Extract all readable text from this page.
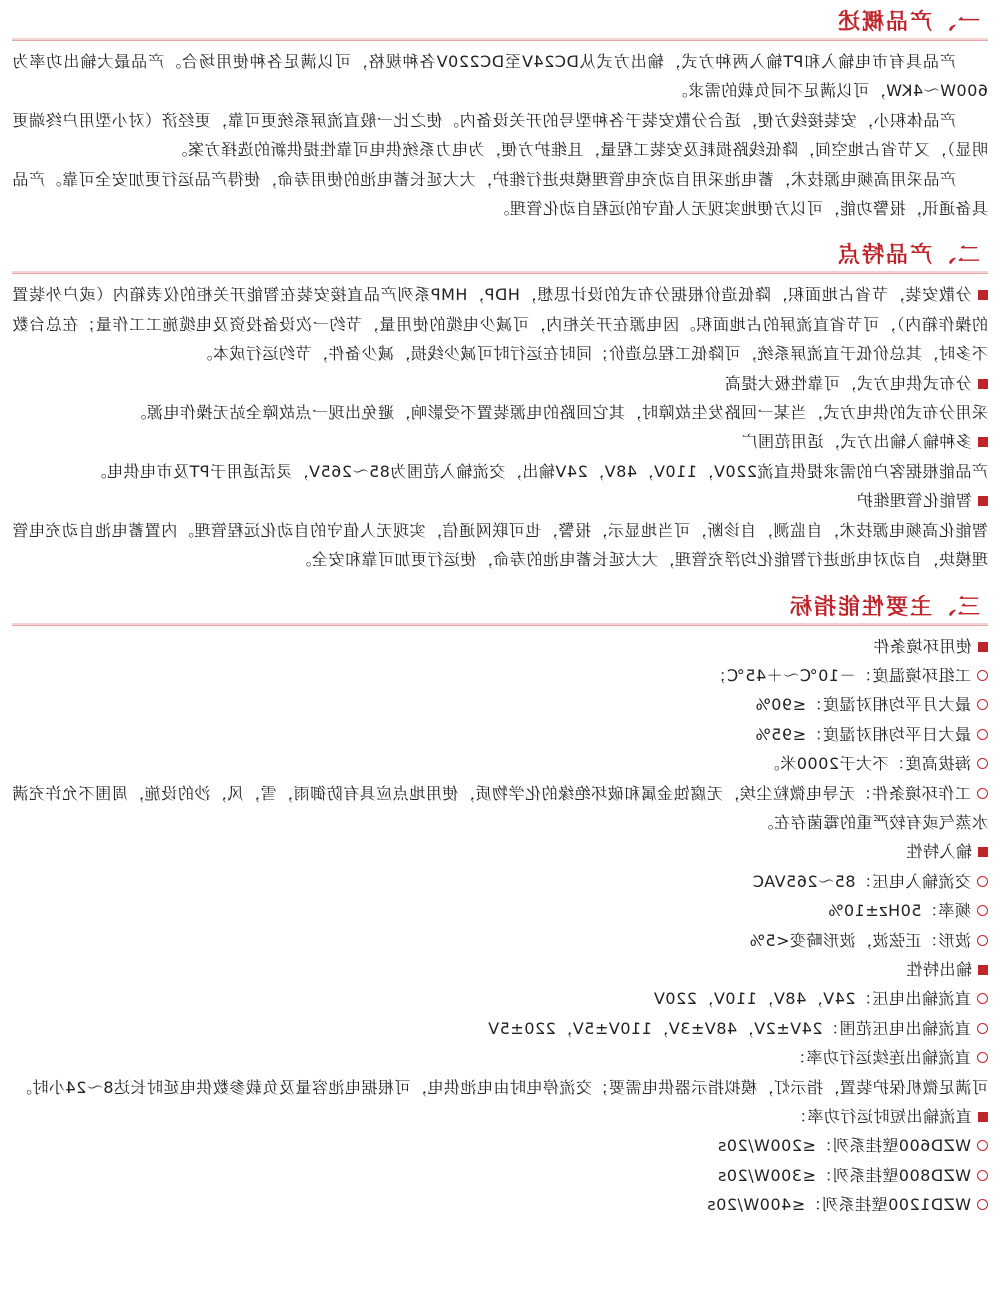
一、产品概述
产品具有市电输入和PT输入两种方式，输出方式从DC24V至DC220V各种规格，可以满足各种使用场合。产品最大输出功率为600W～4KW，可以满足不同负载的需求。
产品体积小，安装接线方便，适合分散安装于各种型号的开关设备内。使之比一般直流屏系统更可靠，更经济（对小型用户终端更明显），又节省占地空间，降低线路损耗及安装工程量，且维护方便，为电力系统供电可靠性提供新的选择方案。
产品采用高频电源技术，蓄电池采用自动充电管理模块进行维护，大大延长蓄电池的使用寿命，使得产品运行更加安全可靠。产品具备通讯，报警功能，可以方便地实现无人值守的远程自动化管理。
二、产品特点
分散安装，节省占地面积，降低造价根据分布式的设计思想，HDP，HMP系列产品直接安装在智能开关柜的仪表箱内（或户外装置的操作箱内），可节省直流屏的占地面积。因电源在开关柜内，可减少电缆的使用量，节约一次设备投资及电缆施工工作量；在总台数不多时，其总价低于直流屏系统，可降低工程总造价；同时在运行时可减少线损，减少备件，节约运行成本。
分布式供电方式，可靠性极大提高
采用分布式的供电方式，当某一回路发生故障时，其它回路的电源装置不受影响，避免出现一点故障全站无操作电源。
多种输入输出方式，适用范围广
产品能根据客户的需求提供直流220V，110V，48V，24V输出，交流输入范围为85～265V，灵活适用于PT及市电供电。
智能化管理维护
智能化高频电源技术，自监测，自诊断，可当地显示，报警，也可联网通信，实现无人值守的自动化远程管理。内置蓄电池自动充电管理模块，自动对电池进行智能化均浮充管理，大大延长蓄电池的寿命，使运行更加可靠和安全。
三、主要性能指标
使用环境条件
工组环境温度：－10℃～＋45℃；
最大月平均相对湿度：≤90%
最大日平均相对湿度：≤95%
海拔高度：不大于2000米。
工作环境条件：无导电微粒尘埃，无腐蚀金属和破坏绝缘的化学物质，使用地点应具有防御雨，雪，风，沙的设施，周围不允许充满水蒸气或有较严重的霉菌存在。
输入特性
交流输入电压：85～265VAC
频率：50Hz±10%
波形：正弦波，波形畸变<5%
输出特性
直流输出电压：24V，48V，110V，220V
直流输出电压范围：24V±2V，48V±3V，110V±5V，220±5V
直流输出连续运行功率：
可满足微机保护装置，指示灯，模拟指示器供电需要；交流停电时由电池供电，可根据电池容量及负载参数供电延时长达8～24小时。
直流输出短时运行功率：
WZD600壁挂系列：≤200W/20s
WZD800壁挂系列：≤300W/20s
WZD1200壁挂系列：≤400W/20s
